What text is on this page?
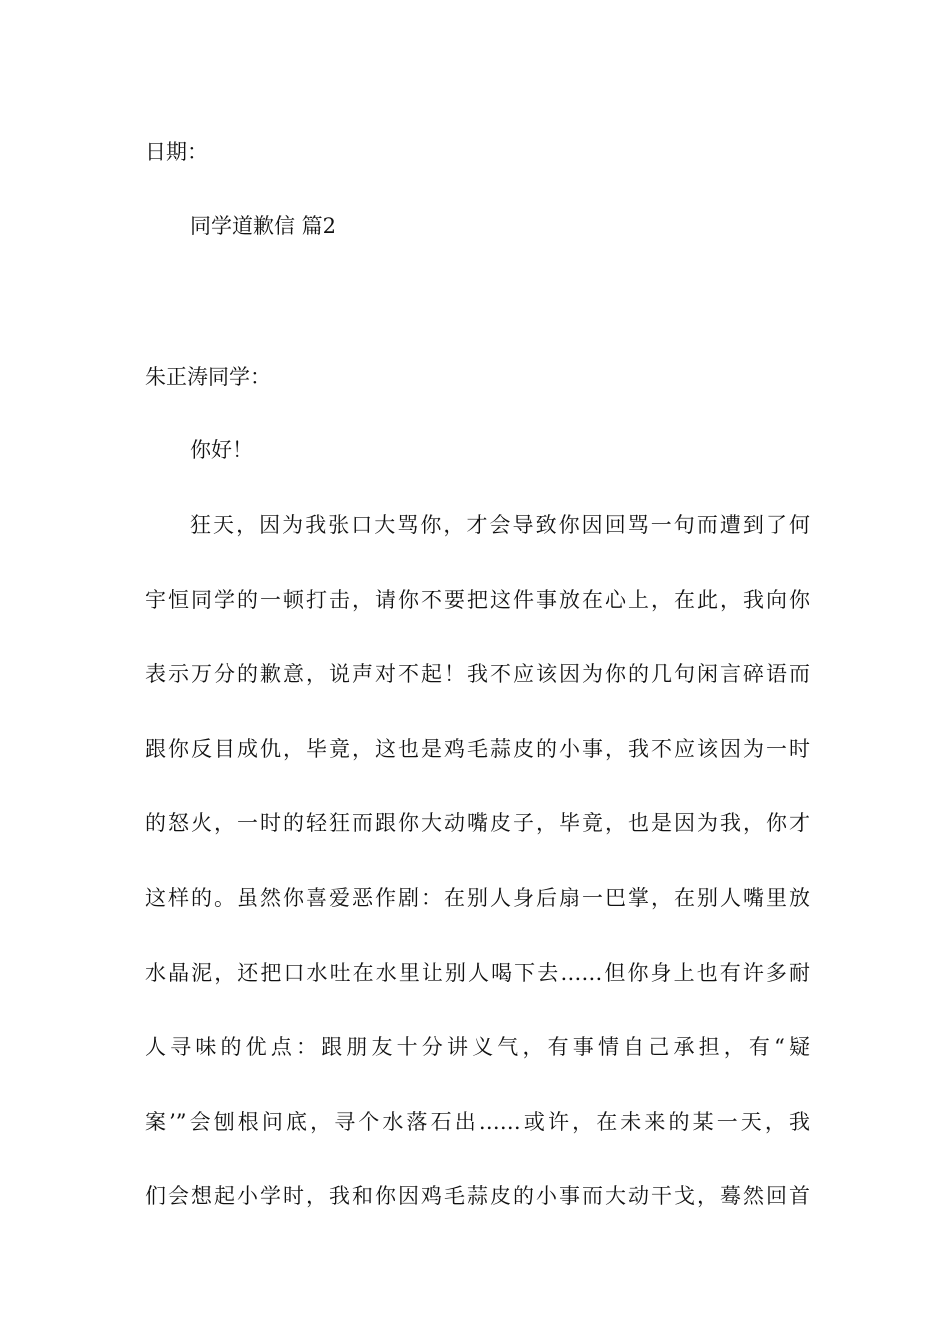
日期：
同学道歉信 篇2
朱正涛同学：
你好！
狂天，因为我张口大骂你，才会导致你因回骂一句而遭到了何
宇恒同学的一顿打击，请你不要把这件事放在心上，在此，我向你
表示万分的歉意，说声对不起！我不应该因为你的几句闲言碎语而
跟你反目成仇，毕竟，这也是鸡毛蒜皮的小事，我不应该因为一时
的怒火，一时的轻狂而跟你大动嘴皮子，毕竟，也是因为我，你才
这样的。虽然你喜爱恶作剧：在别人身后扇一巴掌，在别人嘴里放
水晶泥，还把口水吐在水里让别人喝下去……但你身上也有许多耐
人寻味的优点：跟朋友十分讲义气，有事情自己承担，有“疑
案’”会刨根问底，寻个水落石出……或许，在未来的某一天，我
们会想起小学时，我和你因鸡毛蒜皮的小事而大动干戈，蓦然回首
